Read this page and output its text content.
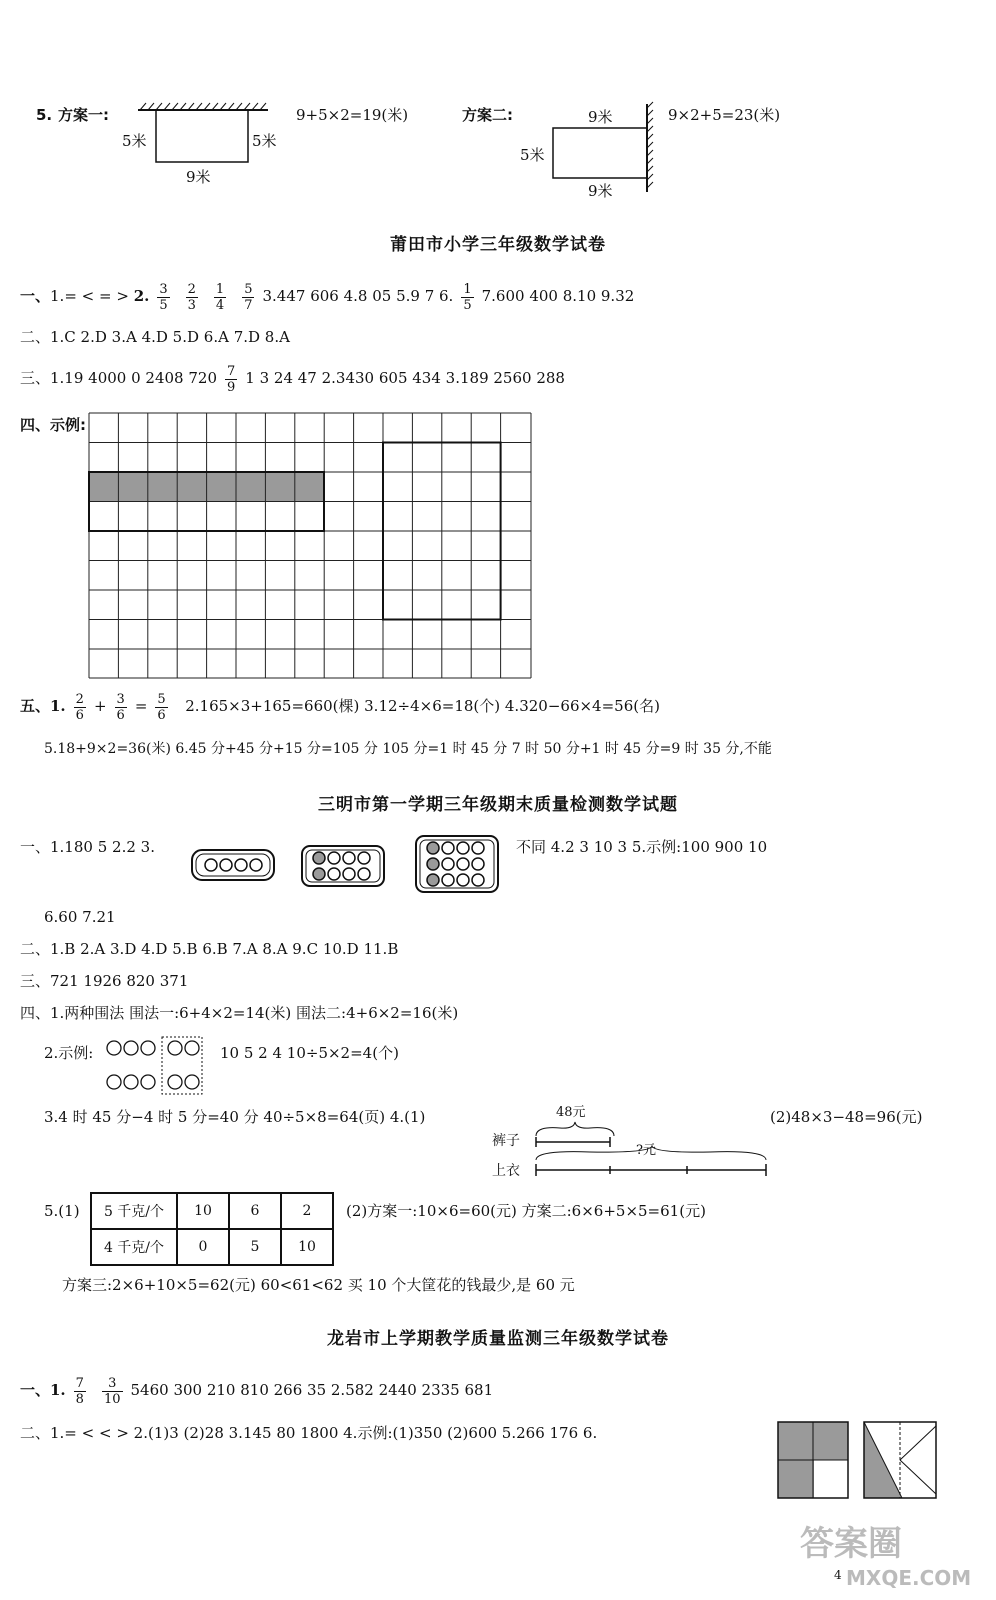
5. 方案一:
5米	5米
9米
9+5×2=19(米)	方案二:	9米
5米
9米
9×2+5=23(米)
莆田市小学三年级数学试卷
一、1.= < = > 2. $\frac{3}{5} \frac{2}{3} \frac{1}{4} \frac{5}{7} 3.447$ 606 4.8 05 5.9 7 6. $\frac{1}{5} 7.600$ 400 8.10 9.32
二、1.C 2.D 3.A 4.D 5.D 6.A 7.D 8.A
三、1.19 4000 0 2408 $720 \frac{7}{9} 1$ 3 24 47 2.3430 605 434 3.189 2560 288
四、示例:
五、1. $\frac{2}{6} + \frac{3}{6} = \frac{5}{6} 2.165\times 3+165=660$(棵) 3.12÷4×6=18(个) 4.320−66×4=56(名)
5.18+9×2=36(米) 6.45 分+45 分+15 分=105 分 105 分=1 时 45 分 7 时 50 分+1 时 45 分=9 时 35 分,不能
三明市第一学期三年级期末质量检测数学试题
一、1.180 5 2.2 3.	不同 4.2 3 10 3 5.示例:100 900 10
6.60 7.21
二、1.B 2.A 3.D 4.D 5.B 6.B 7.A 8.A 9.C 10.D 11.B
三、721 1926 820 371
四、1.两种围法 围法一:6+4×2=14(米) 围法二:4+6×2=16(米)
2.示例:	10 5 2 4 10÷5×2=4(个)
3.4 时 45 分−4 时 5 分=40 分 40÷5×8=64(页) 4.(1)	48元
?元
裤子
上衣
(2)48×3−48=96(元)
5.(1) 5 千克/个	10	6	2
4 千克/个	0	5	10
(2)方案一:10×6=60(元) 方案二:6×6+5×5=61(元)
方案三:2×6+10×5=62(元) 60<61<62 买 10 个大筐花的钱最少,是 60 元
龙岩市上学期教学质量监测三年级数学试卷
一、1. $\frac{7}{8} \frac{3}{10} 5460$ 300 210 810 266 35 2.582 2440 2335 681
二、1.= < < > 2.(1)3 (2)28 3.145 80 1800 4.示例:(1)350 (2)600 5.266 176 6.
4
答案圈
MXQE.COM
